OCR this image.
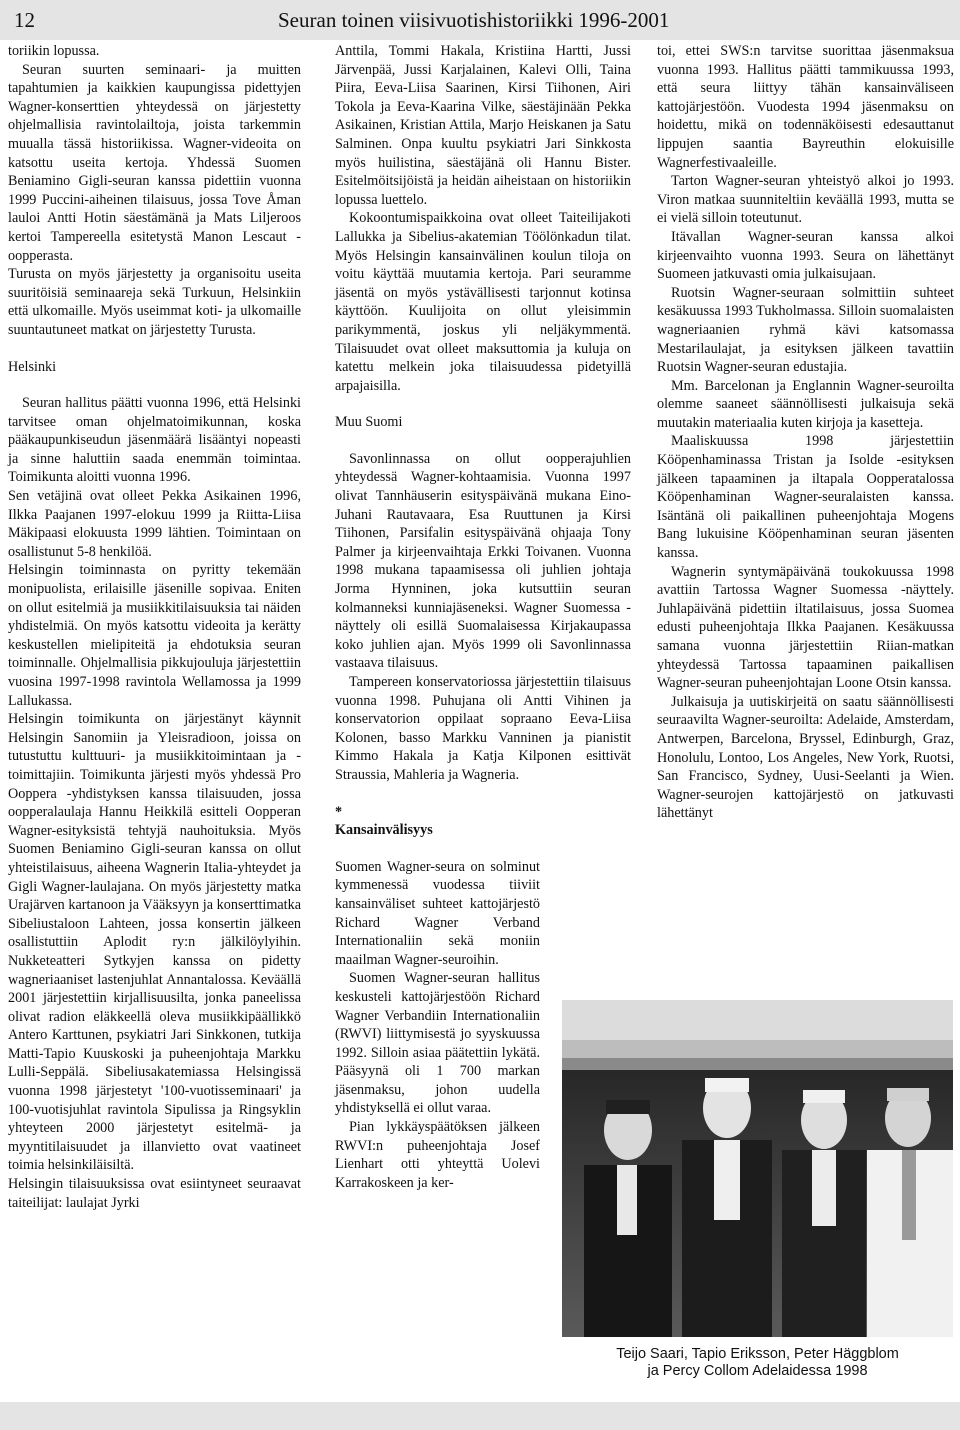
12	Seuran toinen viisivuotishistoriikki 1996-2001

toriikin lopussa.

Seuran suurten seminaari- ja muitten tapahtumien ja kaikkien kaupungissa pidettyjen Wagner-konserttien yhteydessä on järjestetty ohjelmallisia ravintolailtoja, joista tarkemmin muualla tässä historiikissa. Wagner-videoita on katsottu useita kertoja. Yhdessä Suomen Beniamino Gigli-seuran kanssa pidettiin vuonna 1999 Puccini-aiheinen tilaisuus, jossa Tove Åman lauloi Antti Hotin säestämänä ja Mats Liljeroos kertoi Tampereella esitetystä Manon Lescaut -oopperasta.

Turusta on myös järjestetty ja organisoitu useita suuritöisiä seminaareja sekä Turkuun, Helsinkiin että ulkomaille. Myös useimmat koti- ja ulkomaille suuntautuneet matkat on järjestetty Turusta.

Helsinki

Seuran hallitus päätti vuonna 1996, että Helsinki tarvitsee oman ohjelmatoimikunnan, koska pääkaupunkiseudun jäsenmäärä lisääntyi nopeasti ja sinne haluttiin saada enemmän toimintaa. Toimikunta aloitti vuonna 1996.

Sen vetäjinä ovat olleet Pekka Asikainen 1996, Ilkka Paajanen 1997-elokuu 1999 ja Riitta-Liisa Mäkipaasi elokuusta 1999 lähtien. Toimintaan on osallistunut 5-8 henkilöä.

Helsingin toiminnasta on pyritty tekemään monipuolista, erilaisille jäsenille sopivaa. Eniten on ollut esitelmiä ja musiikkitilaisuuksia tai näiden yhdistelmiä. On myös katsottu videoita ja kerätty keskustellen mielipiteitä ja ehdotuksia seuran toiminnalle. Ohjelmallisia pikkujouluja järjestettiin vuosina 1997-1998 ravintola Wellamossa ja 1999 Lallukassa.

Helsingin toimikunta on järjestänyt käynnit Helsingin Sanomiin ja Yleisradioon, joissa on tutustuttu kulttuuri- ja musiikkitoimintaan ja -toimittajiin. Toimikunta järjesti myös yhdessä Pro Ooppera -yhdistyksen kanssa tilaisuuden, jossa oopperalaulaja Hannu Heikkilä esitteli Oopperan Wagner-esityksistä tehtyjä nauhoituksia. Myös Suomen Beniamino Gigli-seuran kanssa on ollut yhteistilaisuus, aiheena Wagnerin Italia-yhteydet ja Gigli Wagner-laulajana. On myös järjestetty matka Urajärven kartanoon ja Vääksyyn ja konserttimatka Sibeliustaloon Lahteen, jossa konsertin jälkeen osallistuttiin Aplodit ry:n jälkilöylyihin. Nukketeatteri Sytkyjen kanssa on pidetty wagneriaaniset lastenjuhlat Annantalossa. Keväällä 2001 järjestettiin kirjallisuusilta, jonka paneelissa olivat radion eläkkeellä oleva musiikkipäällikkö Antero Karttunen, psykiatri Jari Sinkkonen, tutkija Matti-Tapio Kuuskoski ja puheenjohtaja Markku Lulli-Seppälä. Sibeliusakatemiassa Helsingissä vuonna 1998 järjestetyt '100-vuotisseminaari' ja 100-vuotisjuhlat ravintola Sipulissa ja Ringsyklin yhteyteen 2000 järjestetyt esitelmä- ja myyntitilaisuudet ja illanvietto ovat vaatineet toimia helsinkiläisiltä.

Helsingin tilaisuuksissa ovat esiintyneet seuraavat taiteilijat: laulajat Jyrki

Anttila, Tommi Hakala, Kristiina Hartti, Jussi Järvenpää, Jussi Karjalainen, Kalevi Olli, Taina Piira, Eeva-Liisa Saarinen, Kirsi Tiihonen, Airi Tokola ja Eeva-Kaarina Vilke, säestäjinään Pekka Asikainen, Kristian Attila, Marjo Heiskanen ja Satu Salminen. Onpa kuultu psykiatri Jari Sinkkosta myös huilistina, säestäjänä oli Hannu Bister. Esitelmöitsijöistä ja heidän aiheistaan on historiikin lopussa luettelo.

Kokoontumispaikkoina ovat olleet Taiteilijakoti Lallukka ja Sibelius-akatemian Töölönkadun tilat. Myös Helsingin kansainvälinen koulun tiloja on voitu käyttää muutamia kertoja. Pari seuramme jäsentä on myös ystävällisesti tarjonnut kotinsa käyttöön. Kuulijoita on ollut yleisimmin parikymmentä, joskus yli neljäkymmentä. Tilaisuudet ovat olleet maksuttomia ja kuluja on katettu melkein joka tilaisuudessa pidetyillä arpajaisilla.

Muu Suomi

Savonlinnassa on ollut oopperajuhlien yhteydessä Wagner-kohtaamisia. Vuonna 1997 olivat Tannhäuserin esityspäivänä mukana Eino-Juhani Rautavaara, Esa Ruuttunen ja Kirsi Tiihonen, Parsifalin esityspäivänä ohjaaja Tony Palmer ja kirjeenvaihtaja Erkki Toivanen. Vuonna 1998 mukana tapaamisessa oli juhlien johtaja Jorma Hynninen, joka kutsuttiin seuran kolmanneksi kunniajäseneksi. Wagner Suomessa -näyttely oli esillä Suomalaisessa Kirjakaupassa koko juhlien ajan. Myös 1999 oli Savonlinnassa vastaava tilaisuus.

Tampereen konservatoriossa järjestettiin tilaisuus vuonna 1998. Puhujana oli Antti Vihinen ja konservatorion oppilaat sopraano Eeva-Liisa Kolonen, basso Markku Vanninen ja pianistit Kimmo Hakala ja Katja Kilponen esittivät Straussia, Mahleria ja Wagneria.

*

Kansainvälisyys

Suomen Wagner-seura on solminut kymmenessä vuodessa tiiviit kansainväliset suhteet kattojärjestö Richard Wagner Verband Internationaliin sekä moniin maailman Wagner-seuroihin.

Suomen Wagner-seuran hallitus keskusteli kattojärjestöön Richard Wagner Verbandiin Internationaliin (RWVI) liittymisestä jo syyskuussa 1992. Silloin asiaa päätettiin lykätä. Pääsyynä oli 1 700 markan jäsenmaksu, johon uudella yhdistyksellä ei ollut varaa.

Pian lykkäyspäätöksen jälkeen RWVI:n puheenjohtaja Josef Lienhart otti yhteyttä Uolevi Karrakoskeen ja ker-

toi, ettei SWS:n tarvitse suorittaa jäsenmaksua vuonna 1993. Hallitus päätti tammikuussa 1993, että seura liittyy tähän kansainväliseen kattojärjestöön. Vuodesta 1994 jäsenmaksu on hoidettu, mikä on todennäköisesti edesauttanut lippujen saantia Bayreuthin elokuisille Wagnerfestivaaleille.

Tarton Wagner-seuran yhteistyö alkoi jo 1993. Viron matkaa suunniteltiin keväällä 1993, mutta se ei vielä silloin toteutunut.

Itävallan Wagner-seuran kanssa alkoi kirjeenvaihto vuonna 1993. Seura on lähettänyt Suomeen jatkuvasti omia julkaisujaan.

Ruotsin Wagner-seuraan solmittiin suhteet kesäkuussa 1993 Tukholmassa. Silloin suomalaisten wagneriaanien ryhmä kävi katsomassa Mestarilaulajat, ja esityksen jälkeen tavattiin Ruotsin Wagner-seuran edustajia.

Mm. Barcelonan ja Englannin Wagner-seuroilta olemme saaneet säännöllisesti julkaisuja sekä muutakin materiaalia kuten kirjoja ja kasetteja.

Maaliskuussa 1998 järjestettiin Kööpenhaminassa Tristan ja Isolde -esityksen jälkeen tapaaminen ja iltapala Oopperatalossa Kööpenhaminan Wagner-seuralaisten kanssa. Isäntänä oli paikallinen puheenjohtaja Mogens Bang lukuisine Kööpenhaminan seuran jäsenten kanssa.

Wagnerin syntymäpäivänä toukokuussa 1998 avattiin Tartossa Wagner Suomessa -näyttely. Juhlapäivänä pidettiin iltatilaisuus, jossa Suomea edusti puheenjohtaja Ilkka Paajanen. Kesäkuussa samana vuonna järjestettiin Riian-matkan yhteydessä Tartossa tapaaminen paikallisen Wagner-seuran puheenjohtajan Loone Otsin kanssa.

Julkaisuja ja uutiskirjeitä on saatu säännöllisesti seuraavilta Wagner-seuroilta: Adelaide, Amsterdam, Antwerpen, Barcelona, Bryssel, Edinburgh, Graz, Honolulu, Lontoo, Los Angeles, New York, Ruotsi, San Francisco, Sydney, Uusi-Seelanti ja Wien. Wagner-seurojen kattojärjestö on jatkuvasti lähettänyt

Teijo Saari, Tapio Eriksson, Peter Häggblom
ja Percy Collom Adelaidessa 1998
